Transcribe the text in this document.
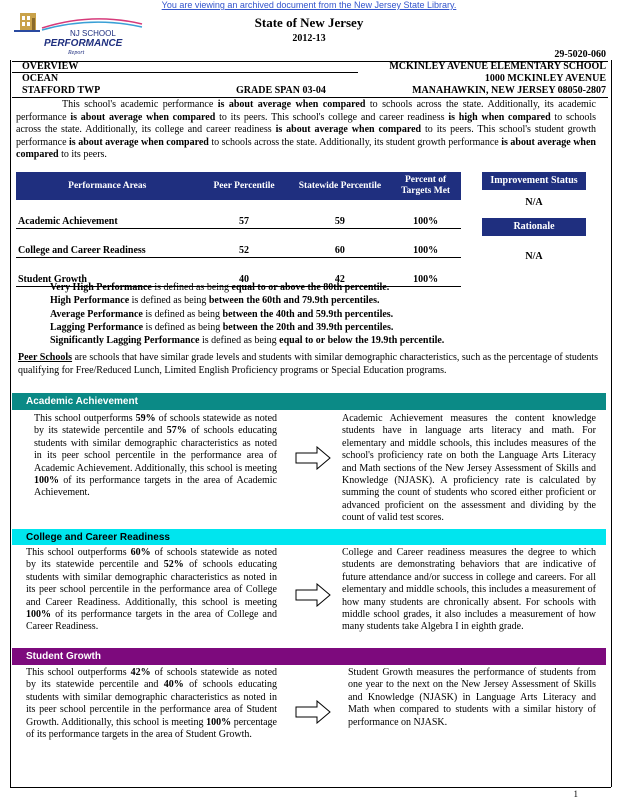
You are viewing an archived document from the New Jersey State Library.
NJ SCHOOL
PERFORMANCE
Report
State of New Jersey
2012-13
29-5020-060
OVERVIEW
OCEAN
STAFFORD TWP	GRADE SPAN 03-04
MCKINLEY AVENUE ELEMENTARY SCHOOL
1000 MCKINLEY AVENUE
MANAHAWKIN, NEW JERSEY 08050-2807
This school's academic performance is about average when compared to schools across the state. Additionally, its academic performance is about average when compared to its peers. This school's college and career readiness is high when compared to schools across the state. Additionally, its college and career readiness is about average when compared to its peers. This school's student growth performance is about average when compared to schools across the state. Additionally, its student growth performance is about average when compared to its peers.
Performance Areas	Peer Percentile	Statewide Percentile	Percent of Targets Met
Academic Achievement	57	59	100%
College and Career Readiness	52	60	100%
Student Growth	40	42	100%
Improvement Status
N/A
Rationale
N/A
Very High Performance is defined as being equal to or above the 80th percentile.
High Performance is defined as being between the 60th and 79.9th percentiles.
Average Performance is defined as being between the 40th and 59.9th percentiles.
Lagging Performance is defined as being between the 20th and 39.9th percentiles.
Significantly Lagging Performance is defined as being equal to or below the 19.9th percentile.
Peer Schools are schools that have similar grade levels and students with similar demographic characteristics, such as the percentage of students qualifying for Free/Reduced Lunch, Limited English Proficiency programs or Special Education programs.
Academic Achievement
This school outperforms 59% of schools statewide as noted by its statewide percentile and 57% of schools educating students with similar demographic characteristics as noted in its peer school percentile in the performance area of Academic Achievement. Additionally, this school is meeting 100% of its performance targets in the area of Academic Achievement.
Academic Achievement measures the content knowledge students have in language arts literacy and math. For elementary and middle schools, this includes measures of the school's proficiency rate on both the Language Arts Literacy and Math sections of the New Jersey Assessment of Skills and Knowledge (NJASK). A proficiency rate is calculated by summing the count of students who scored either proficient or advanced proficient on the assessment and dividing by the count of valid test scores.
College and Career Readiness
This school outperforms 60% of schools statewide as noted by its statewide percentile and 52% of schools educating students with similar demographic characteristics as noted in its peer school percentile in the performance area of College and Career Readiness. Additionally, this school is meeting 100% of its performance targets in the area of College and Career Readiness.
College and Career readiness measures the degree to which students are demonstrating behaviors that are indicative of future attendance and/or success in college and careers. For all elementary and middle schools, this includes a measurement of how many students are chronically absent. For schools with middle school grades, it also includes a measurement of how many students take Algebra I in eighth grade.
Student Growth
This school outperforms 42% of schools statewide as noted by its statewide percentile and 40% of schools educating students with similar demographic characteristics as noted in its peer school percentile in the performance area of Student Growth. Additionally, this school is meeting 100% percentage of its performance targets in the area of Student Growth.
Student Growth measures the performance of students from one year to the next on the New Jersey Assessment of Skills and Knowledge (NJASK) in Language Arts Literacy and Math when compared to students with a similar history of performance on NJASK.
1
